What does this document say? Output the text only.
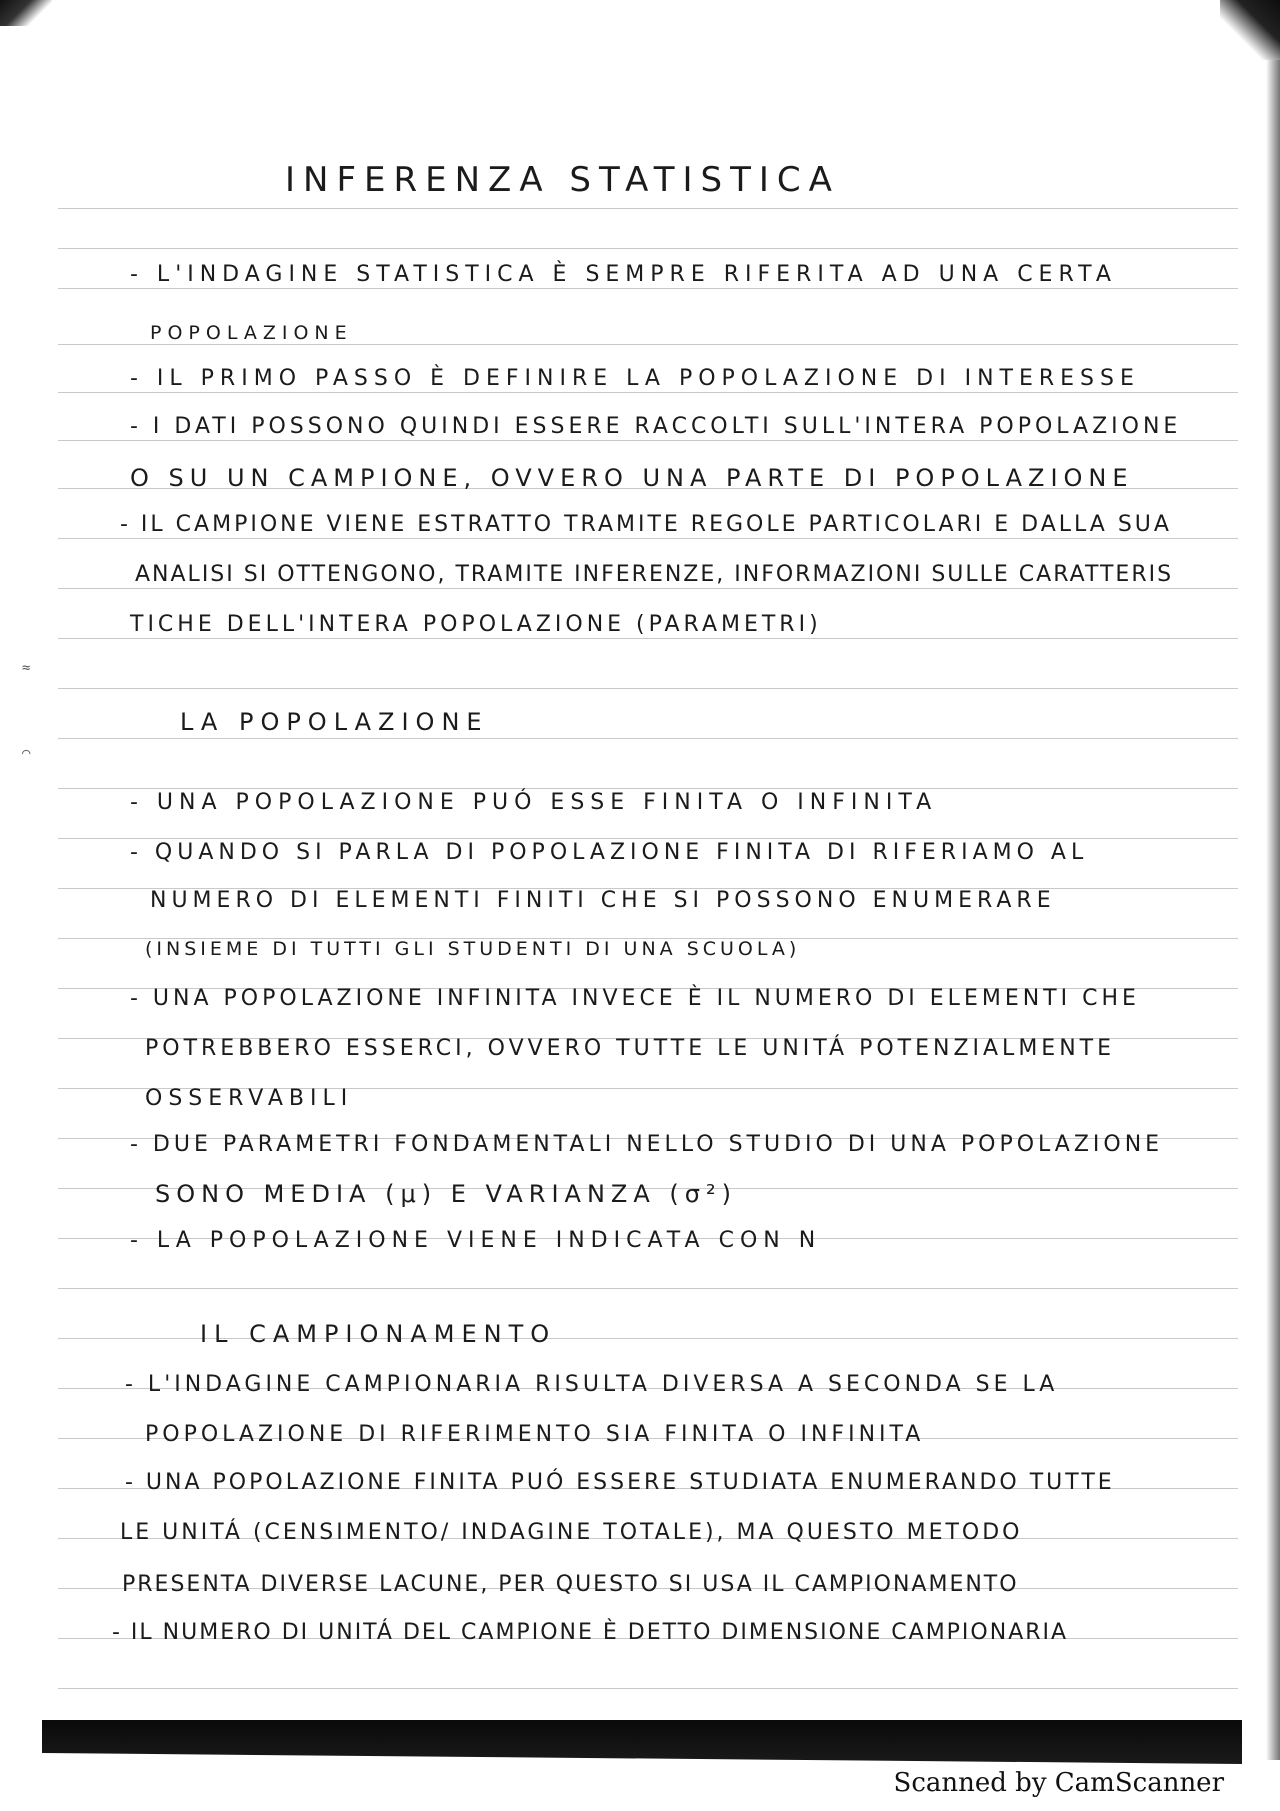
≈
⌒
INFERENZA STATISTICA
- L'INDAGINE STATISTICA È SEMPRE RIFERITA AD UNA CERTA
POPOLAZIONE
- IL PRIMO PASSO È DEFINIRE LA POPOLAZIONE DI INTERESSE
- I DATI POSSONO QUINDI ESSERE RACCOLTI SULL'INTERA POPOLAZIONE
O SU UN CAMPIONE, OVVERO UNA PARTE DI POPOLAZIONE
- IL CAMPIONE VIENE ESTRATTO TRAMITE REGOLE PARTICOLARI E DALLA SUA
ANALISI SI OTTENGONO, TRAMITE INFERENZE, INFORMAZIONI SULLE CARATTERIS
TICHE DELL'INTERA POPOLAZIONE (PARAMETRI)
LA POPOLAZIONE
- UNA POPOLAZIONE PUÓ ESSE FINITA O INFINITA
- QUANDO SI PARLA DI POPOLAZIONE FINITA DI RIFERIAMO AL
NUMERO DI ELEMENTI FINITI CHE SI POSSONO ENUMERARE
(INSIEME DI TUTTI GLI STUDENTI DI UNA SCUOLA)
- UNA POPOLAZIONE INFINITA INVECE È IL NUMERO DI ELEMENTI CHE
POTREBBERO ESSERCI, OVVERO TUTTE LE UNITÁ POTENZIALMENTE
OSSERVABILI
- DUE PARAMETRI FONDAMENTALI NELLO STUDIO DI UNA POPOLAZIONE
SONO MEDIA (μ) E VARIANZA (σ²)
- LA POPOLAZIONE VIENE INDICATA CON N
IL CAMPIONAMENTO
- L'INDAGINE CAMPIONARIA RISULTA DIVERSA A SECONDA SE LA
POPOLAZIONE DI RIFERIMENTO SIA FINITA O INFINITA
- UNA POPOLAZIONE FINITA PUÓ ESSERE STUDIATA ENUMERANDO TUTTE
LE UNITÁ (CENSIMENTO/ INDAGINE TOTALE), MA QUESTO METODO
PRESENTA DIVERSE LACUNE, PER QUESTO SI USA IL CAMPIONAMENTO
- IL NUMERO DI UNITÁ DEL CAMPIONE È DETTO DIMENSIONE CAMPIONARIA
Scanned by CamScanner
